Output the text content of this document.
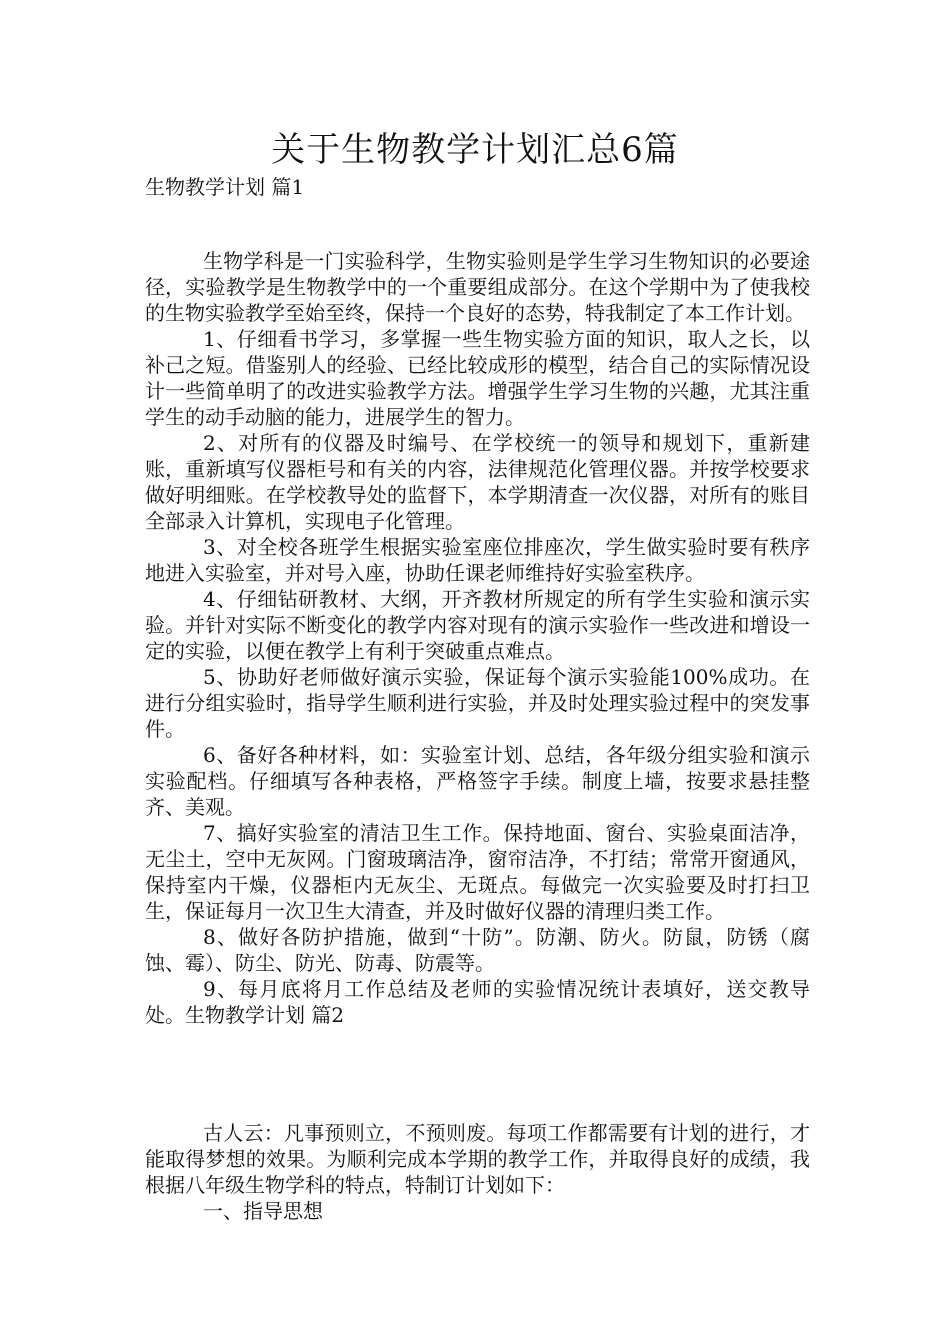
关于生物教学计划汇总6篇
生物教学计划 篇1

生物学科是一门实验科学，生物实验则是学生学习生物知识的必要途径，实验教学是生物教学中的一个重要组成部分。在这个学期中为了使我校的生物实验教学至始至终，保持一个良好的态势，特我制定了本工作计划。

1、仔细看书学习，多掌握一些生物实验方面的知识，取人之长，以补己之短。借鉴别人的经验、已经比较成形的模型，结合自己的实际情况设计一些简单明了的改进实验教学方法。增强学生学习生物的兴趣，尤其注重学生的动手动脑的能力，进展学生的智力。

2、对所有的仪器及时编号、在学校统一的领导和规划下，重新建账，重新填写仪器柜号和有关的内容，法律规范化管理仪器。并按学校要求做好明细账。在学校教导处的监督下，本学期清查一次仪器，对所有的账目全部录入计算机，实现电子化管理。

3、对全校各班学生根据实验室座位排座次，学生做实验时要有秩序地进入实验室，并对号入座，协助任课老师维持好实验室秩序。

4、仔细钻研教材、大纲，开齐教材所规定的所有学生实验和演示实验。并针对实际不断变化的教学内容对现有的演示实验作一些改进和增设一定的实验，以便在教学上有利于突破重点难点。

5、协助好老师做好演示实验，保证每个演示实验能100%成功。在进行分组实验时，指导学生顺利进行实验，并及时处理实验过程中的突发事件。

6、备好各种材料，如：实验室计划、总结，各年级分组实验和演示实验配档。仔细填写各种表格，严格签字手续。制度上墙，按要求悬挂整齐、美观。

7、搞好实验室的清洁卫生工作。保持地面、窗台、实验桌面洁净，无尘土，空中无灰网。门窗玻璃洁净，窗帘洁净，不打结；常常开窗通风，保持室内干燥，仪器柜内无灰尘、无斑点。每做完一次实验要及时打扫卫生，保证每月一次卫生大清查，并及时做好仪器的清理归类工作。

8、做好各防护措施，做到“十防”。防潮、防火。防鼠，防锈（腐蚀、霉）、防尘、防光、防毒、防震等。

9、每月底将月工作总结及老师的实验情况统计表填好，送交教导处。生物教学计划 篇2

古人云：凡事预则立，不预则废。每项工作都需要有计划的进行，才能取得梦想的效果。为顺利完成本学期的教学工作，并取得良好的成绩，我根据八年级生物学科的特点，特制订计划如下：

一、指导思想
